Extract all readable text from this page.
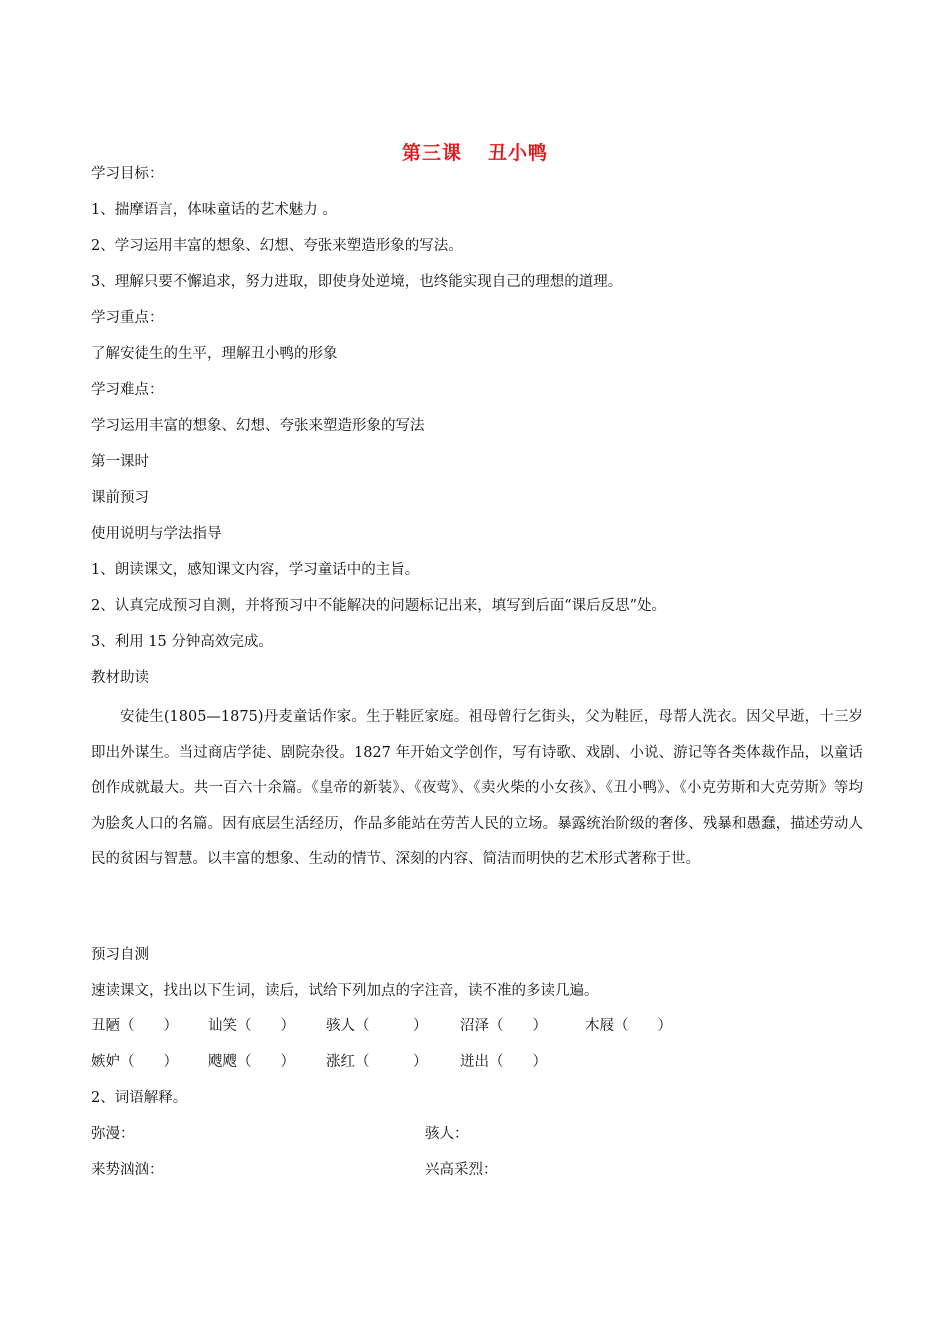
第三课 丑小鸭
学习目标：
1、揣摩语言，体味童话的艺术魅力 。
2、学习运用丰富的想象、幻想、夸张来塑造形象的写法。
3、理解只要不懈追求，努力进取，即使身处逆境，也终能实现自己的理想的道理。
学习重点：
了解安徒生的生平，理解丑小鸭的形象
学习难点：
学习运用丰富的想象、幻想、夸张来塑造形象的写法
第一课时
课前预习
使用说明与学法指导
1、朗读课文，感知课文内容，学习童话中的主旨。
2、认真完成预习自测，并将预习中不能解决的问题标记出来，填写到后面“课后反思”处。
3、利用 15 分钟高效完成。
教材助读
安徒生(1805—1875)丹麦童话作家。生于鞋匠家庭。祖母曾行乞街头，父为鞋匠，母帮人洗衣。因父早逝，十三岁即出外谋生。当过商店学徒、剧院杂役。1827 年开始文学创作，写有诗歌、戏剧、小说、游记等各类体裁作品，以童话创作成就最大。共一百六十余篇。《皇帝的新装》、《夜莺》、《卖火柴的小女孩》、《丑小鸭》、《小克劳斯和大克劳斯》等均为脍炙人口的名篇。因有底层生活经历，作品多能站在劳苦人民的立场。暴露统治阶级的奢侈、残暴和愚蠢，描述劳动人民的贫困与智慧。以丰富的想象、生动的情节、深刻的内容、简洁而明快的艺术形式著称于世。
预习自测
速读课文，找出以下生词，读后，试给下列加点的字注音，读不准的多读几遍。
丑陋（　　） 讪笑（　　） 骇人（　　　） 沼泽（　　）	木屐（　　）
嫉妒（　　） 飕飕（　　） 涨红（　　　） 迸出（　　）
2、词语解释。
弥漫：	骇人：
来势汹汹：	兴高采烈：
